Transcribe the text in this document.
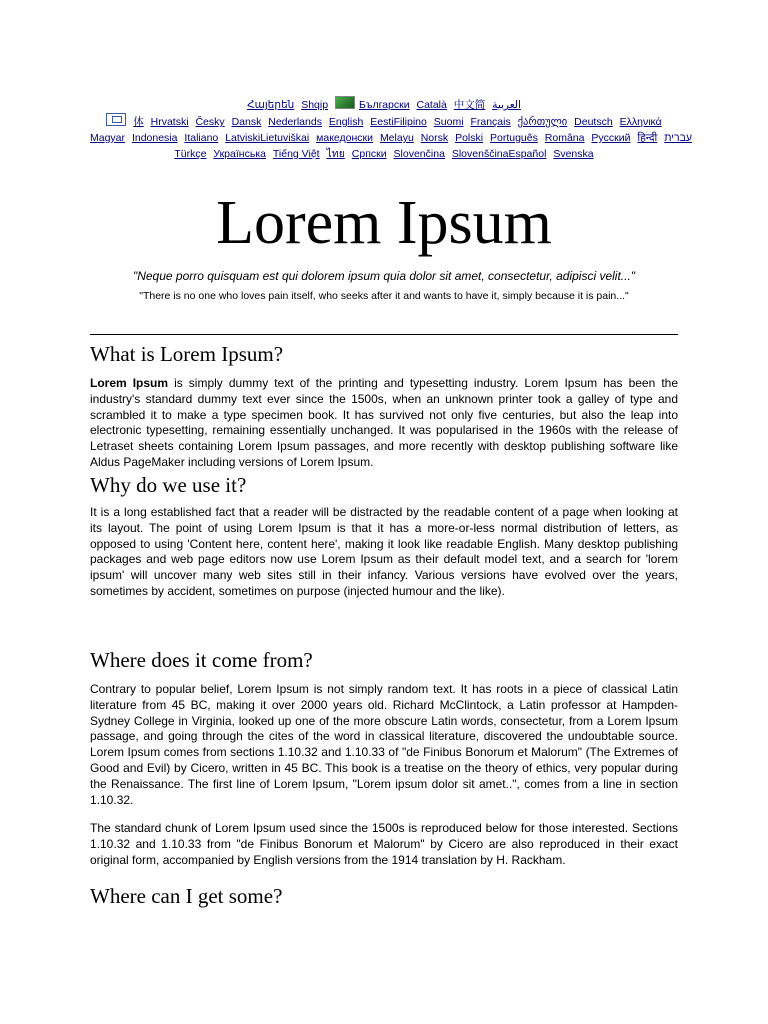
Հայերեն Shqip	Български Català 中文简 العربية
体 Hrvatski Česky Dansk Nederlands English EestiFilipino Suomi Français ქართული Deutsch Ελληνικά
Magyar Indonesia Italiano LatviskiLietuviškai македонски Melayu Norsk Polski Português Româna Pyccкий हिन्दी עברית
Türkçe Українська Tiếng Việt ไทย Српски Slovenčina SlovenščinaEspañol Svenska
Lorem Ipsum
"Neque porro quisquam est qui dolorem ipsum quia dolor sit amet, consectetur, adipisci velit..."
"There is no one who loves pain itself, who seeks after it and wants to have it, simply because it is pain..."
What is Lorem Ipsum?

Lorem Ipsum is simply dummy text of the printing and typesetting industry. Lorem Ipsum has been the industry's standard dummy text ever since the 1500s, when an unknown printer took a galley of type and scrambled it to make a type specimen book. It has survived not only five centuries, but also the leap into electronic typesetting, remaining essentially unchanged. It was popularised in the 1960s with the release of Letraset sheets containing Lorem Ipsum passages, and more recently with desktop publishing software like Aldus PageMaker including versions of Lorem Ipsum.

Why do we use it?

It is a long established fact that a reader will be distracted by the readable content of a page when looking at its layout. The point of using Lorem Ipsum is that it has a more-or-less normal distribution of letters, as opposed to using 'Content here, content here', making it look like readable English. Many desktop publishing packages and web page editors now use Lorem Ipsum as their default model text, and a search for 'lorem ipsum' will uncover many web sites still in their infancy. Various versions have evolved over the years, sometimes by accident, sometimes on purpose (injected humour and the like).

Where does it come from?

Contrary to popular belief, Lorem Ipsum is not simply random text. It has roots in a piece of classical Latin literature from 45 BC, making it over 2000 years old. Richard McClintock, a Latin professor at Hampden-Sydney College in Virginia, looked up one of the more obscure Latin words, consectetur, from a Lorem Ipsum passage, and going through the cites of the word in classical literature, discovered the undoubtable source. Lorem Ipsum comes from sections 1.10.32 and 1.10.33 of "de Finibus Bonorum et Malorum" (The Extremes of Good and Evil) by Cicero, written in 45 BC. This book is a treatise on the theory of ethics, very popular during the Renaissance. The first line of Lorem Ipsum, "Lorem ipsum dolor sit amet..", comes from a line in section 1.10.32.

The standard chunk of Lorem Ipsum used since the 1500s is reproduced below for those interested. Sections 1.10.32 and 1.10.33 from "de Finibus Bonorum et Malorum" by Cicero are also reproduced in their exact original form, accompanied by English versions from the 1914 translation by H. Rackham.

Where can I get some?
